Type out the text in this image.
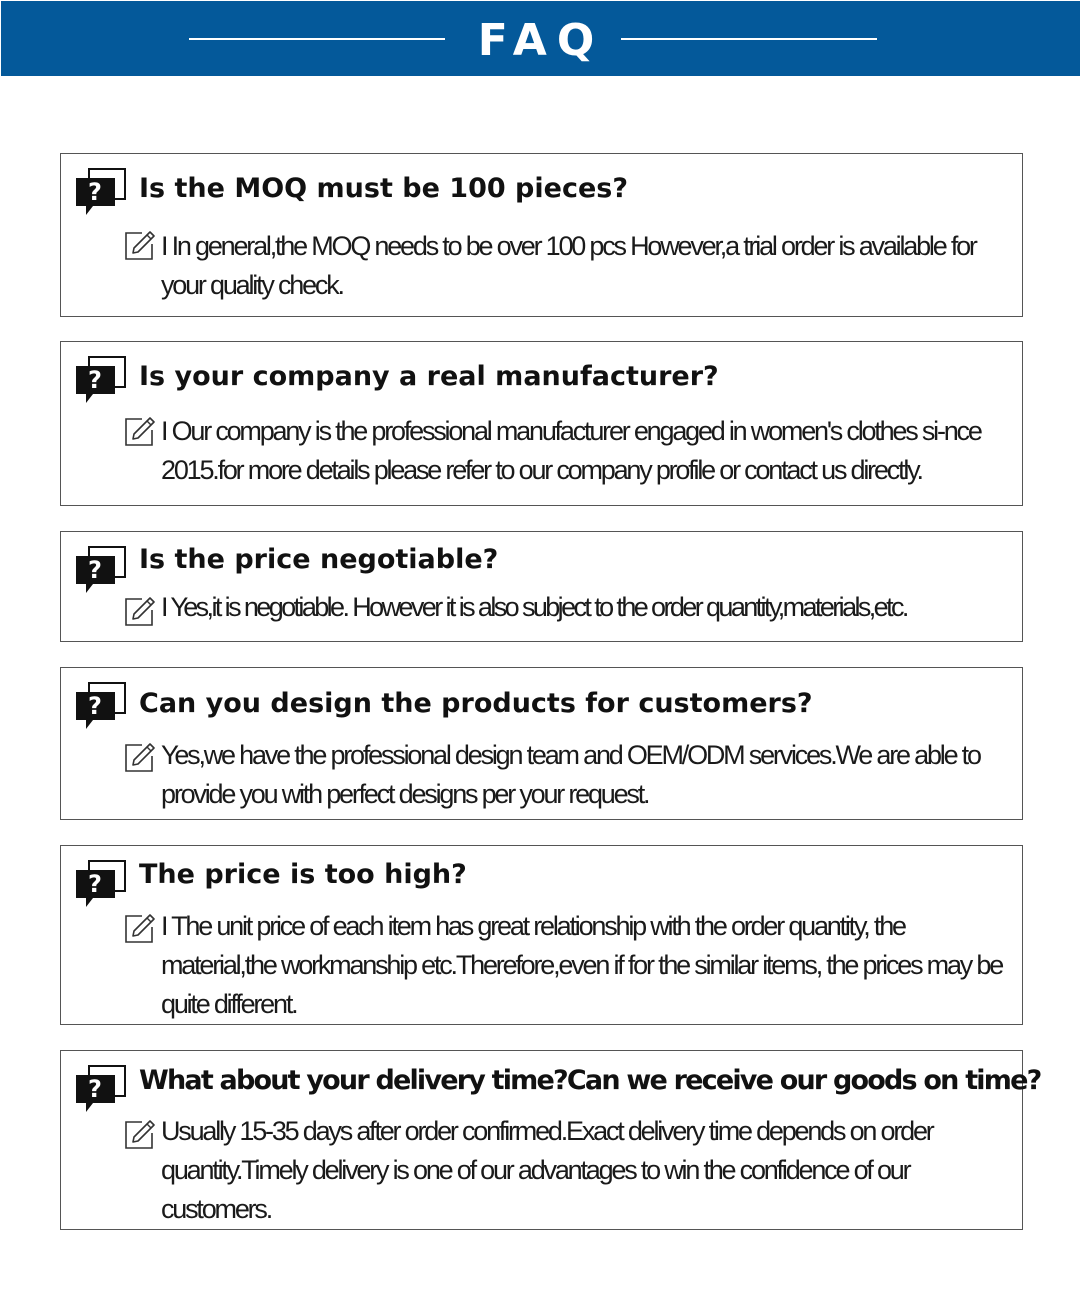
FAQ
Is the MOQ must be 100 pieces?
I In general,the MOQ needs to be over 100 pcs However,a trial order is available for your quality check.
Is your company a real manufacturer?
I Our company is the professional manufacturer engaged in women's clothes si-nce 2015.for more details please refer to our company profile or contact us directly.
Is the price negotiable?
I Yes,it is negotiable. However it is also subject to the order quantity,materials,etc.
Can you design the products for customers?
Yes,we have the professional design team and OEM/ODM services.We are able to provide you with perfect designs per your request.
The price is too high?
I The unit price of each item has great relationship with the order quantity, the material,the workmanship etc.Therefore,even if for the similar items, the prices may be quite different.
What about your delivery time?Can we receive our goods on time?
Usually 15-35 days after order confirmed.Exact delivery time depends on order quantity.Timely delivery is one of our advantages to win the confidence of our customers.
